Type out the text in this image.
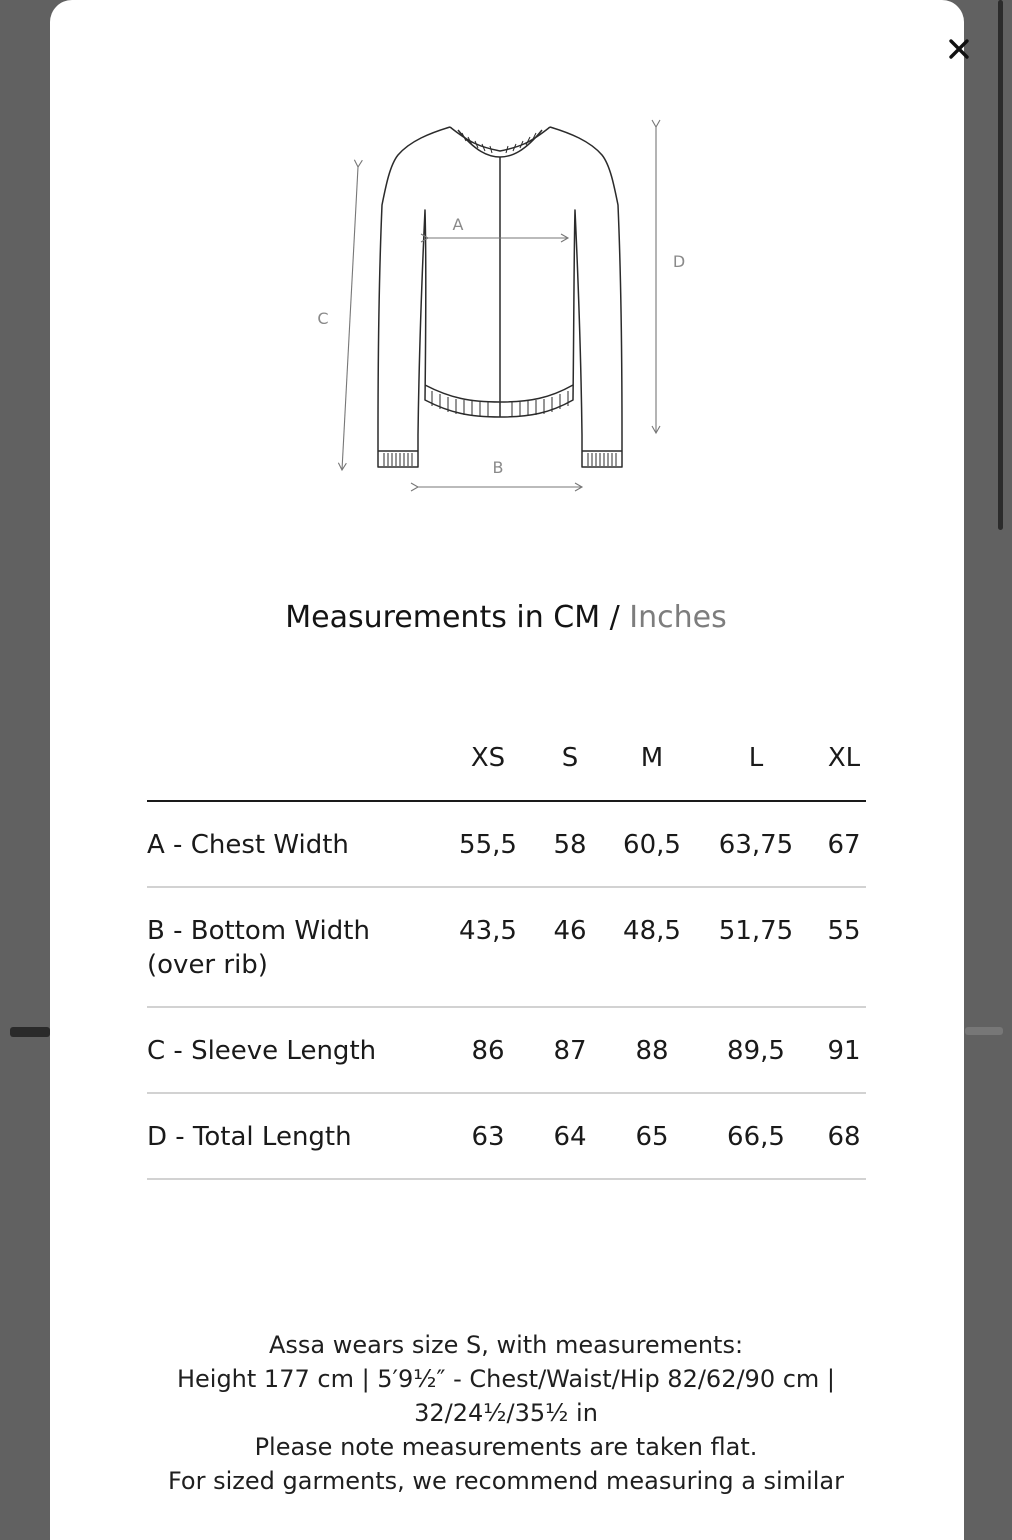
A
B
C
D
Measurements in CM / Inches
XS	S	M	L	XL
A - Chest Width	55,5	58	60,5	63,75	67
B - Bottom Width
(over rib)
43,5	46	48,5	51,75	55
C - Sleeve Length	86	87	88	89,5	91
D - Total Length	63	64	65	66,5	68
Assa wears size S, with measurements:
Height 177 cm | 5′9½″ - Chest/Waist/Hip 82/62/90 cm |
32/24½/35½ in
Please note measurements are taken flat.
For sized garments, we recommend measuring a similar
